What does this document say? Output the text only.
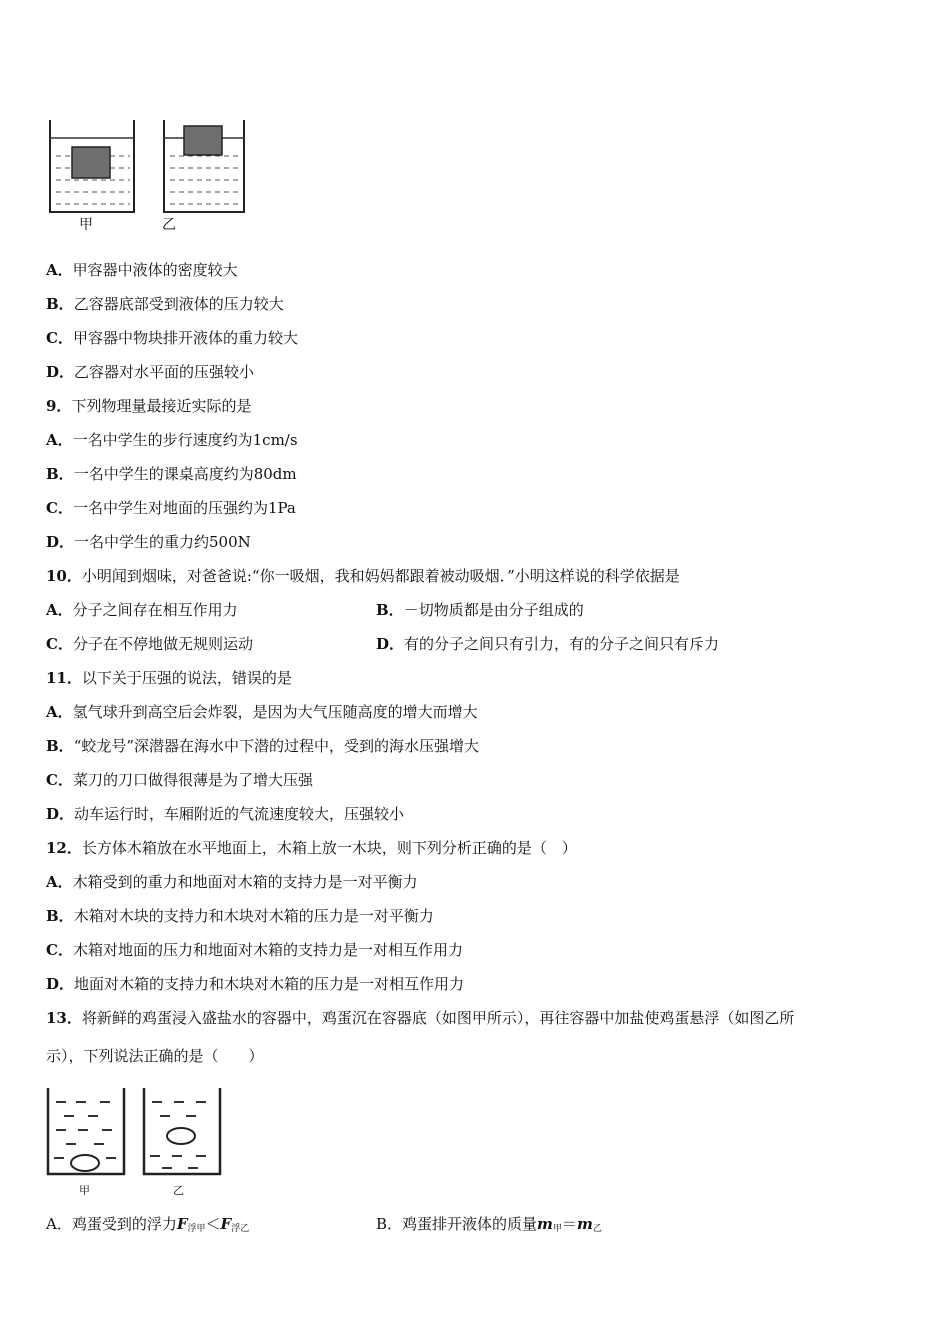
甲	乙
A．甲容器中液体的密度较大
B．乙容器底部受到液体的压力较大
C．甲容器中物块排开液体的重力较大
D．乙容器对水平面的压强较小
9．下列物理量最接近实际的是
A．一名中学生的步行速度约为1cm/s
B．一名中学生的课桌高度约为80dm
C．一名中学生对地面的压强约为1Pa
D．一名中学生的重力约500N
10．小明闻到烟味，对爸爸说:“你一吸烟，我和妈妈都跟着被动吸烟．”小明这样说的科学依据是
A．分子之间存在相互作用力	B．－切物质都是由分子组成的
C．分子在不停地做无规则运动	D．有的分子之间只有引力，有的分子之间只有斥力
11．以下关于压强的说法，错误的是
A．氢气球升到高空后会炸裂，是因为大气压随高度的增大而增大
B．“蛟龙号”深潜器在海水中下潜的过程中，受到的海水压强增大
C．菜刀的刀口做得很薄是为了增大压强
D．动车运行时，车厢附近的气流速度较大，压强较小
12．长方体木箱放在水平地面上，木箱上放一木块，则下列分析正确的是（　）
A．木箱受到的重力和地面对木箱的支持力是一对平衡力
B．木箱对木块的支持力和木块对木箱的压力是一对平衡力
C．木箱对地面的压力和地面对木箱的支持力是一对相互作用力
D．地面对木箱的支持力和木块对木箱的压力是一对相互作用力
13．将新鲜的鸡蛋浸入盛盐水的容器中，鸡蛋沉在容器底（如图甲所示），再往容器中加盐使鸡蛋悬浮（如图乙所
示），下列说法正确的是（　　）
甲	乙
A．鸡蛋受到的浮力$F_{浮甲}<F_{浮乙}$	B．鸡蛋排开液体的质量$m_甲=m_乙$
